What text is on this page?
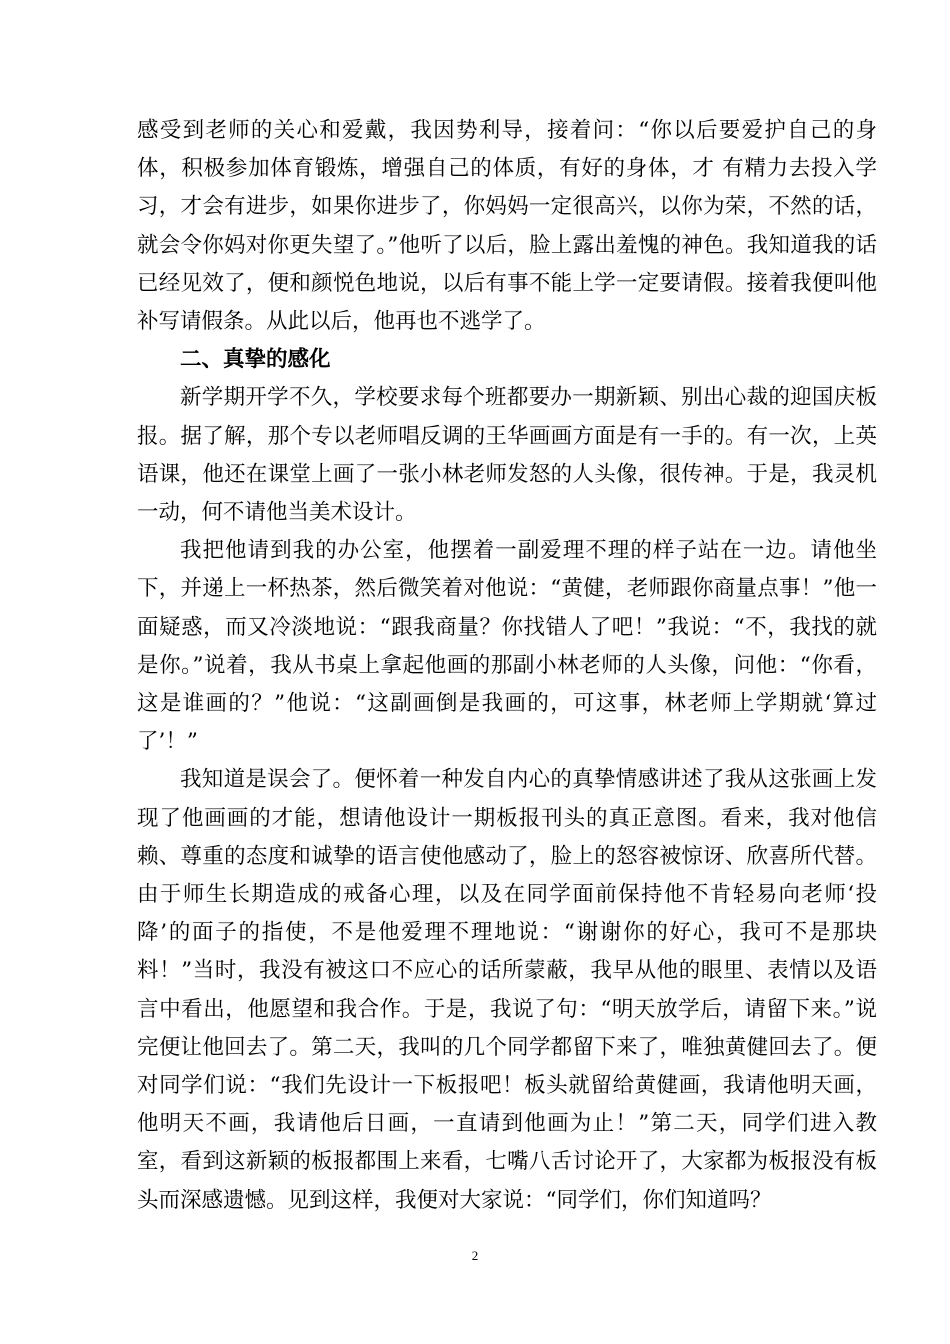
感受到老师的关心和爱戴，我因势利导，接着问：“你以后要爱护自己的身体，积极参加体育锻炼，增强自己的体质，有好的身体，才 有精力去投入学习，才会有进步，如果你进步了，你妈妈一定很高兴，以你为荣，不然的话，就会令你妈对你更失望了。”他听了以后，脸上露出羞愧的神色。我知道我的话已经见效了，便和颜悦色地说，以后有事不能上学一定要请假。接着我便叫他补写请假条。从此以后，他再也不逃学了。

二、真挚的感化

新学期开学不久，学校要求每个班都要办一期新颖、别出心裁的迎国庆板报。据了解，那个专以老师唱反调的王华画画方面是有一手的。有一次，上英语课，他还在课堂上画了一张小林老师发怒的人头像，很传神。于是，我灵机一动，何不请他当美术设计。

我把他请到我的办公室，他摆着一副爱理不理的样子站在一边。请他坐下，并递上一杯热茶，然后微笑着对他说：“黄健，老师跟你商量点事！”他一面疑惑，而又冷淡地说：“跟我商量？你找错人了吧！”我说：“不，我找的就是你。”说着，我从书桌上拿起他画的那副小林老师的人头像，问他：“你看，这是谁画的？”他说：“这副画倒是我画的，可这事，林老师上学期就‘算过了’！”

我知道是误会了。便怀着一种发自内心的真挚情感讲述了我从这张画上发现了他画画的才能，想请他设计一期板报刊头的真正意图。看来，我对他信赖、尊重的态度和诚挚的语言使他感动了，脸上的怒容被惊讶、欣喜所代替。由于师生长期造成的戒备心理，以及在同学面前保持他不肯轻易向老师‘投降’的面子的指使，不是他爱理不理地说：“谢谢你的好心，我可不是那块料！”当时，我没有被这口不应心的话所蒙蔽，我早从他的眼里、表情以及语言中看出，他愿望和我合作。于是，我说了句：“明天放学后，请留下来。”说完便让他回去了。第二天，我叫的几个同学都留下来了，唯独黄健回去了。便对同学们说：“我们先设计一下板报吧！板头就留给黄健画，我请他明天画，他明天不画，我请他后日画，一直请到他画为止！”第二天，同学们进入教室，看到这新颖的板报都围上来看，七嘴八舌讨论开了，大家都为板报没有板头而深感遗憾。见到这样，我便对大家说：“同学们，你们知道吗？

2
